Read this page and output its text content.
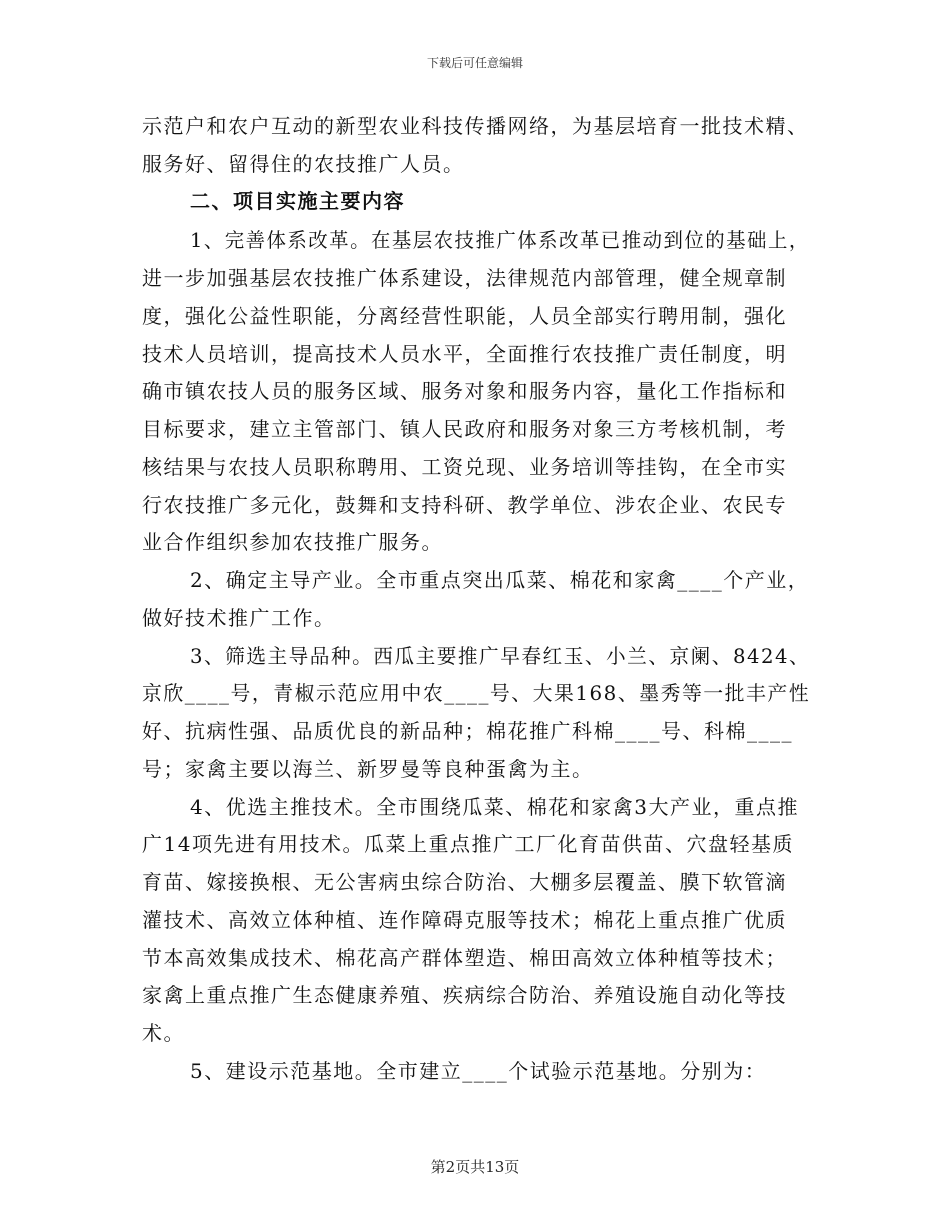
下载后可任意编辑
示范户和农户互动的新型农业科技传播网络，为基层培育一批技术精、
服务好、留得住的农技推广人员。
二、项目实施主要内容
1、完善体系改革。在基层农技推广体系改革已推动到位的基础上，
进一步加强基层农技推广体系建设，法律规范内部管理，健全规章制
度，强化公益性职能，分离经营性职能，人员全部实行聘用制，强化
技术人员培训，提高技术人员水平，全面推行农技推广责任制度，明
确市镇农技人员的服务区域、服务对象和服务内容，量化工作指标和
目标要求，建立主管部门、镇人民政府和服务对象三方考核机制，考
核结果与农技人员职称聘用、工资兑现、业务培训等挂钩，在全市实
行农技推广多元化，鼓舞和支持科研、教学单位、涉农企业、农民专
业合作组织参加农技推广服务。
2、确定主导产业。全市重点突出瓜菜、棉花和家禽____个产业，
做好技术推广工作。
3、筛选主导品种。西瓜主要推广早春红玉、小兰、京阑、8424、
京欣____号，青椒示范应用中农____号、大果168、墨秀等一批丰产性
好、抗病性强、品质优良的新品种；棉花推广科棉____号、科棉____
号；家禽主要以海兰、新罗曼等良种蛋禽为主。
4、优选主推技术。全市围绕瓜菜、棉花和家禽3大产业，重点推
广14项先进有用技术。瓜菜上重点推广工厂化育苗供苗、穴盘轻基质
育苗、嫁接换根、无公害病虫综合防治、大棚多层覆盖、膜下软管滴
灌技术、高效立体种植、连作障碍克服等技术；棉花上重点推广优质
节本高效集成技术、棉花高产群体塑造、棉田高效立体种植等技术；
家禽上重点推广生态健康养殖、疾病综合防治、养殖设施自动化等技
术。
5、建设示范基地。全市建立____个试验示范基地。分别为：
第2页共13页
